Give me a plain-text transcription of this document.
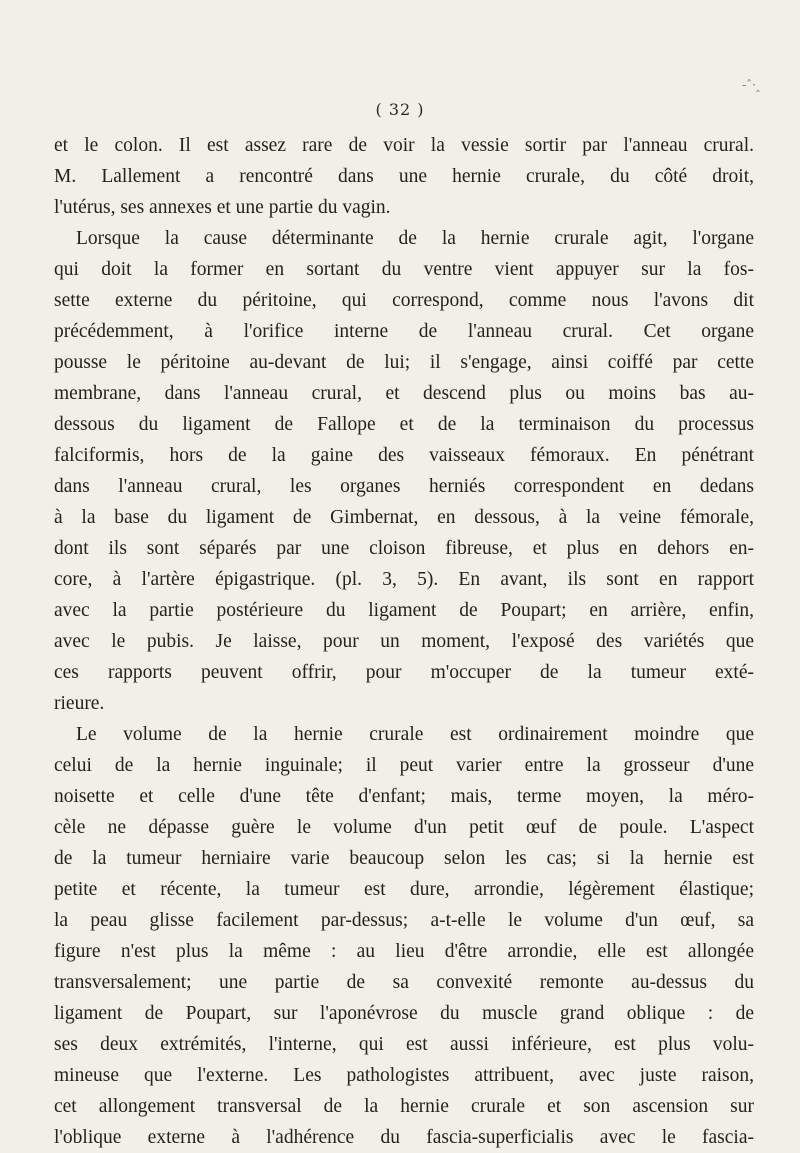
-ˆ·‸
( 32 )
et le colon. Il est assez rare de voir la vessie sortir par l'anneau crural.
M. Lallement a rencontré dans une hernie crurale, du côté droit,
l'utérus, ses annexes et une partie du vagin.
Lorsque la cause déterminante de la hernie crurale agit, l'organe
qui doit la former en sortant du ventre vient appuyer sur la fos-
sette externe du péritoine, qui correspond, comme nous l'avons dit
précédemment, à l'orifice interne de l'anneau crural. Cet organe
pousse le péritoine au-devant de lui; il s'engage, ainsi coiffé par cette
membrane, dans l'anneau crural, et descend plus ou moins bas au-
dessous du ligament de Fallope et de la terminaison du processus
falciformis, hors de la gaine des vaisseaux fémoraux. En pénétrant
dans l'anneau crural, les organes herniés correspondent en dedans
à la base du ligament de Gimbernat, en dessous, à la veine fémorale,
dont ils sont séparés par une cloison fibreuse, et plus en dehors en-
core, à l'artère épigastrique. (pl. 3, 5). En avant, ils sont en rapport
avec la partie postérieure du ligament de Poupart; en arrière, enfin,
avec le pubis. Je laisse, pour un moment, l'exposé des variétés que
ces rapports peuvent offrir, pour m'occuper de la tumeur exté-
rieure.
Le volume de la hernie crurale est ordinairement moindre que
celui de la hernie inguinale; il peut varier entre la grosseur d'une
noisette et celle d'une tête d'enfant; mais, terme moyen, la méro-
cèle ne dépasse guère le volume d'un petit œuf de poule. L'aspect
de la tumeur herniaire varie beaucoup selon les cas; si la hernie est
petite et récente, la tumeur est dure, arrondie, légèrement élastique;
la peau glisse facilement par-dessus; a-t-elle le volume d'un œuf, sa
figure n'est plus la même : au lieu d'être arrondie, elle est allongée
transversalement; une partie de sa convexité remonte au-dessus du
ligament de Poupart, sur l'aponévrose du muscle grand oblique : de
ses deux extrémités, l'interne, qui est aussi inférieure, est plus volu-
mineuse que l'externe. Les pathologistes attribuent, avec juste raison,
cet allongement transversal de la hernie crurale et son ascension sur
l'oblique externe à l'adhérence du fascia-superficialis avec le fascia-
